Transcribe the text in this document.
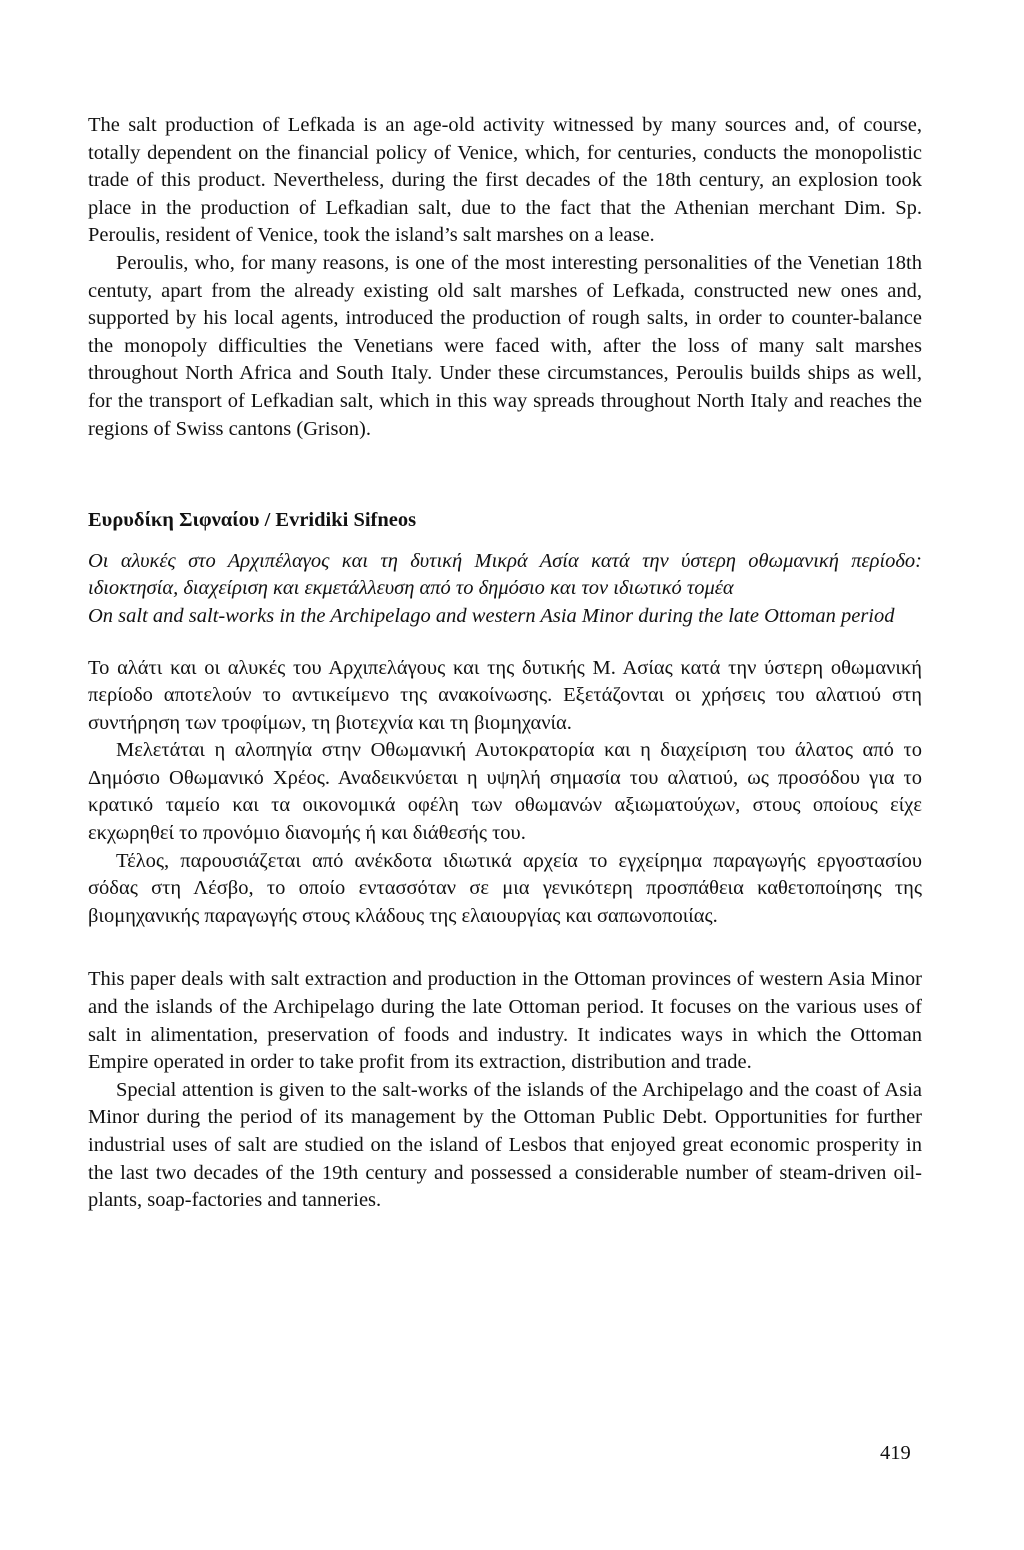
The salt production of Lefkada is an age-old activity witnessed by many sources and, of course, totally dependent on the financial policy of Venice, which, for centuries, conducts the monopolistic trade of this product. Nevertheless, during the first decades of the 18th century, an explosion took place in the production of Lefkadian salt, due to the fact that the Athenian merchant Dim. Sp. Peroulis, resident of Venice, took the island’s salt marshes on a lease.

Peroulis, who, for many reasons, is one of the most interesting personalities of the Venetian 18th centuty, apart from the already existing old salt marshes of Lefkada, constructed new ones and, supported by his local agents, introduced the production of rough salts, in order to counter-balance the monopoly difficulties the Venetians were faced with, after the loss of many salt marshes throughout North Africa and South Italy. Under these circumstances, Peroulis builds ships as well, for the transport of Lefkadian salt, which in this way spreads throughout North Italy and reaches the regions of Swiss cantons (Grison).

Ευρυδίκη Σιφναίου / Evridiki Sifneos

Οι αλυκές στο Αρχιπέλαγος και τη δυτική Μικρά Ασία κατά την ύστερη οθωμανική περίοδο: ιδιοκτησία, διαχείριση και εκμετάλλευση από το δημόσιο και τον ιδιωτικό τομέα

On salt and salt-works in the Archipelago and western Asia Minor during the late Ottoman period

Το αλάτι και οι αλυκές του Αρχιπελάγους και της δυτικής Μ. Ασίας κατά την ύστερη οθωμανική περίοδο αποτελούν το αντικείμενο της ανακοίνωσης. Εξετάζονται οι χρήσεις του αλατιού στη συντήρηση των τροφίμων, τη βιοτεχνία και τη βιομηχανία.

Μελετάται η αλοπηγία στην Οθωμανική Αυτοκρατορία και η διαχείριση του άλατος από το Δημόσιο Οθωμανικό Χρέος. Αναδεικνύεται η υψηλή σημασία του αλατιού, ως προσόδου για το κρατικό ταμείο και τα οικονομικά οφέλη των οθωμανών αξιωματούχων, στους οποίους είχε εκχωρηθεί το προνόμιο διανομής ή και διάθεσής του.

Τέλος, παρουσιάζεται από ανέκδοτα ιδιωτικά αρχεία το εγχείρημα παραγωγής εργοστασίου σόδας στη Λέσβο, το οποίο εντασσόταν σε μια γενικότερη προσπάθεια καθετοποίησης της βιομηχανικής παραγωγής στους κλάδους της ελαιουργίας και σαπωνοποιίας.

This paper deals with salt extraction and production in the Ottoman provinces of western Asia Minor and the islands of the Archipelago during the late Ottoman period. It focuses on the various uses of salt in alimentation, preservation of foods and industry. It indicates ways in which the Ottoman Empire operated in order to take profit from its extraction, distribution and trade.

Special attention is given to the salt-works of the islands of the Archipelago and the coast of Asia Minor during the period of its management by the Ottoman Public Debt. Opportunities for further industrial uses of salt are studied on the island of Lesbos that enjoyed great economic prosperity in the last two decades of the 19th century and possessed a considerable number of steam-driven oil-plants, soap-factories and tanneries.

419
